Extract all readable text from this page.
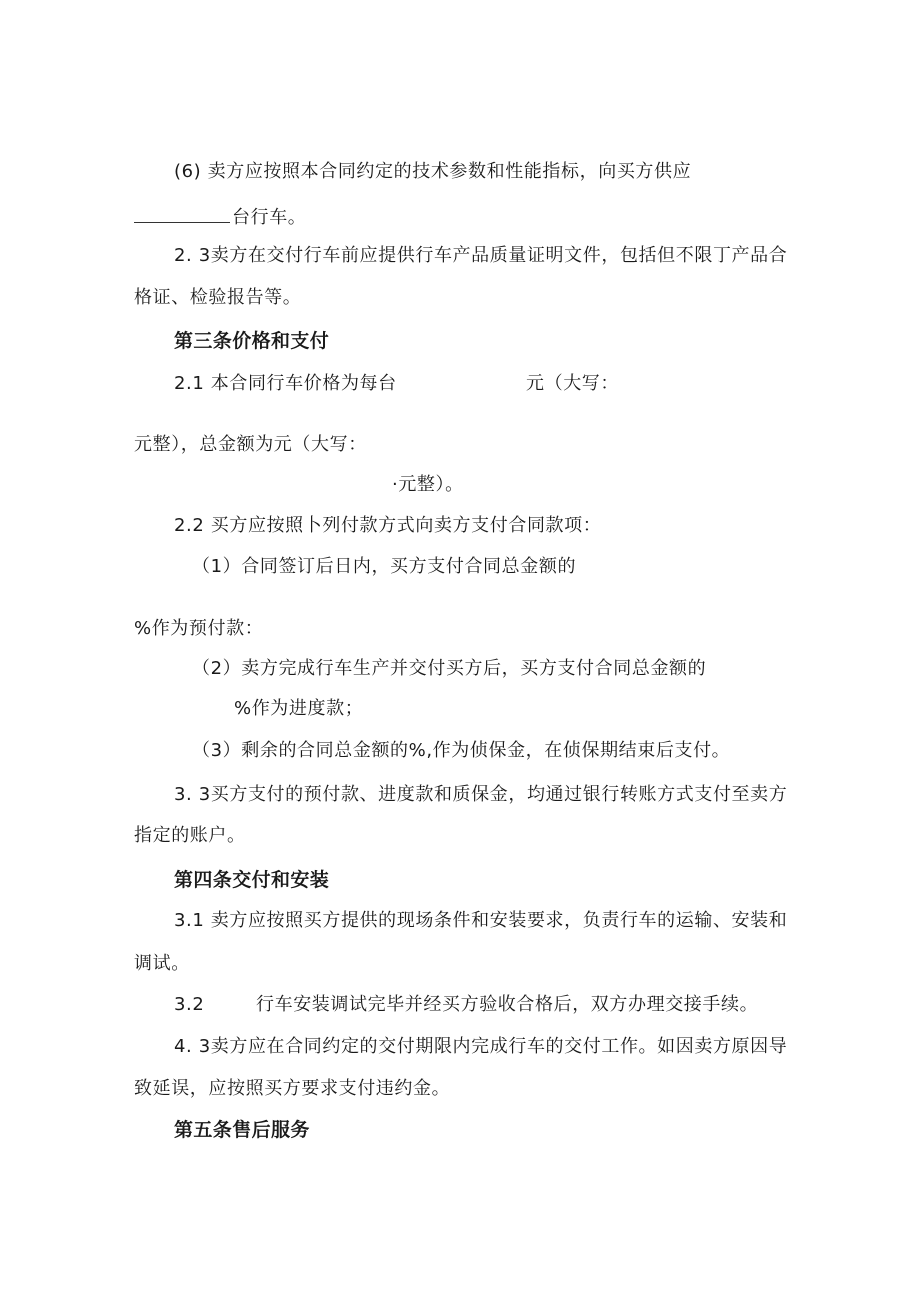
(6) 卖方应按照本合同约定的技术参数和性能指标，向买方供应
台行车。
2. 3卖方在交付行车前应提供行车产品质量证明文件，包括但不限丁产品合
格证、检验报告等。
第三条价格和支付
2.1 本合同行车价格为每台	元（大写：
元整），总金额为元（大写：
·元整）。
2.2 买方应按照卜列付款方式向卖方支付合同款项：
（1）合同签订后日内，买方支付合同总金额的
%作为预付款：
（2）卖方完成行车生产并交付买方后，买方支付合同总金额的
%作为进度款；
（3）剩余的合同总金额的%,作为侦保金，在侦保期结束后支付。
3. 3买方支付的预付款、进度款和质保金，均通过银行转账方式支付至卖方
指定的账户。
第四条交付和安装
3.1 卖方应按照买方提供的现场条件和安装要求，负责行车的运输、安装和
调试。
3.2	行车安装调试完毕并经买方验收合格后，双方办理交接手续。
4. 3卖方应在合同约定的交付期限内完成行车的交付工作。如因卖方原因导
致延误，应按照买方要求支付违约金。
第五条售后服务
